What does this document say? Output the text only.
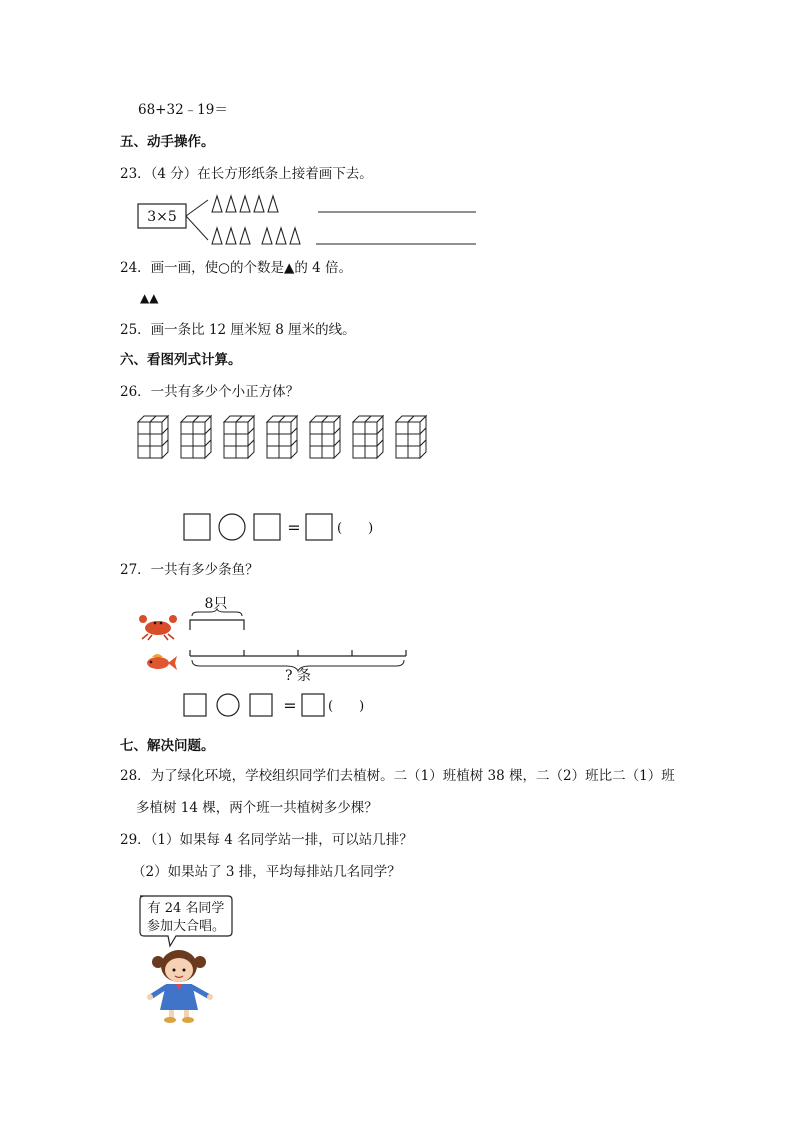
68+32﹣19＝
五、动手操作。
23．（4 分）在长方形纸条上接着画下去。
3×5
24．画一画，使○的个数是▲的 4 倍。
▲▲
25．画一条比 12 厘米短 8 厘米的线。
六、看图列式计算。
26．一共有多少个小正方体？
=	(　　)
27．一共有多少条鱼？
8只
? 条
= (　　)
七、解决问题。
28．为了绿化环境，学校组织同学们去植树。二（1）班植树 38 棵，二（2）班比二（1）班
多植树 14 棵，两个班一共植树多少棵？
29．（1）如果每 4 名同学站一排，可以站几排？
（2）如果站了 3 排，平均每排站几名同学？
有 24 名同学
参加大合唱。
